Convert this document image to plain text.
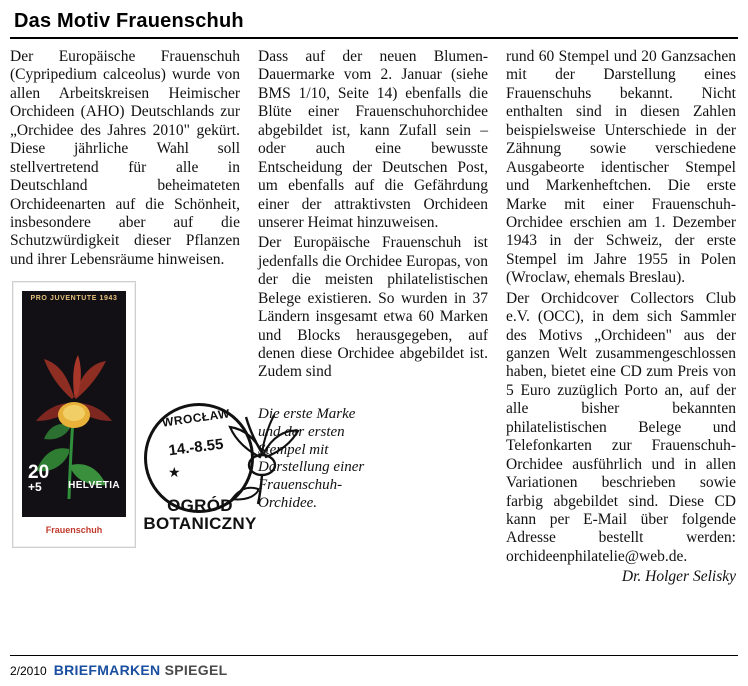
Das Motiv Frauenschuh

Der Europäische Frauenschuh (Cypripedium calceolus) wurde von allen Arbeitskreisen Heimischer Orchideen (AHO) Deutschlands zur „Orchidee des Jahres 2010" gekürt. Diese jährliche Wahl soll stellvertretend für alle in Deutschland beheimateten Orchideenarten auf die Schönheit, insbesondere aber auf die Schutzwürdigkeit dieser Pflanzen und ihrer Lebensräume hinweisen.

PRO JUVENTUTE 1943
20
+5	HELVETIA
Frauenschuh
WROCŁAW
14.-8.55
★
OGRÓD
BOTANICZNY
Die erste Marke und der ersten Stempel mit Darstellung einer Frauenschuh-Orchidee.

Dass auf der neuen Blumen-Dauermarke vom 2. Januar (siehe BMS 1/10, Seite 14) ebenfalls die Blüte einer Frauenschuhorchidee abgebildet ist, kann Zufall sein – oder auch eine bewusste Entscheidung der Deutschen Post, um ebenfalls auf die Gefährdung einer der attraktivsten Orchideen unserer Heimat hinzuweisen.

Der Europäische Frauenschuh ist jedenfalls die Orchidee Europas, von der die meisten philatelistischen Belege existieren. So wurden in 37 Ländern insgesamt etwa 60 Marken und Blocks herausgegeben, auf denen diese Orchidee abgebildet ist. Zudem sind

rund 60 Stempel und 20 Ganzsachen mit der Darstellung eines Frauenschuhs bekannt. Nicht enthalten sind in diesen Zahlen beispielsweise Unterschiede in der Zähnung sowie verschiedene Ausgabeorte identischer Stempel und Markenheftchen. Die erste Marke mit einer Frauenschuh-Orchidee erschien am 1. Dezember 1943 in der Schweiz, der erste Stempel im Jahre 1955 in Polen (Wroclaw, ehemals Breslau).

Der Orchidcover Collectors Club e.V. (OCC), in dem sich Sammler des Motivs „Orchideen" aus der ganzen Welt zusammengeschlossen haben, bietet eine CD zum Preis von 5 Euro zuzüglich Porto an, auf der alle bisher bekannten philatelistischen Belege und Telefonkarten zur Frauenschuh-Orchidee ausführlich und in allen Variationen beschrieben sowie farbig abgebildet sind. Diese CD kann per E-Mail über folgende Adresse bestellt werden: orchideenphilatelie@web.de.

Dr. Holger Selisky

2/2010 BRIEFMARKEN SPIEGEL
